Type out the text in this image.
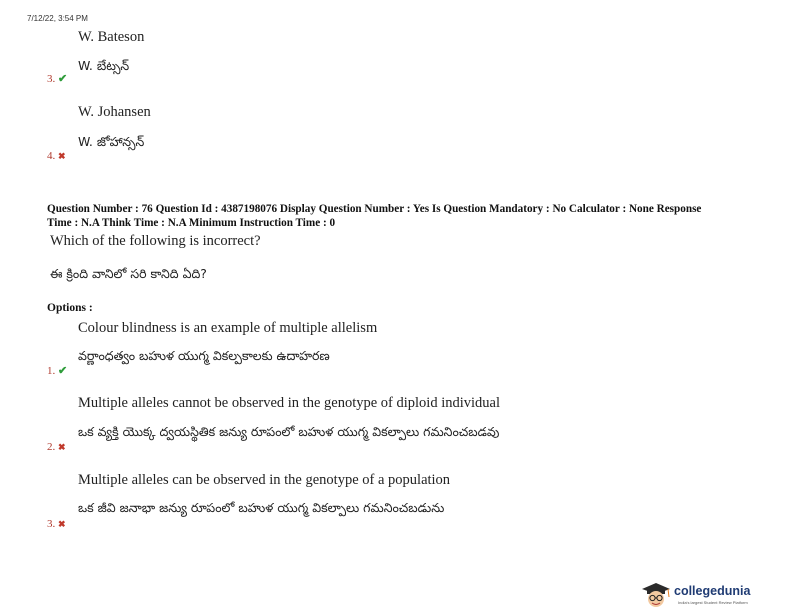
7/12/22, 3:54 PM
W. Bateson
W. బేట్సన్
3. ✔
W. Johansen
W. జోహాన్సన్
4. ✖
Question Number : 76 Question Id : 4387198076 Display Question Number : Yes Is Question Mandatory : No Calculator : None Response
Time : N.A Think Time : N.A Minimum Instruction Time : 0
Which of the following is incorrect?
ఈ క్రింది వానిలో సరి కానిది ఏది?
Options :
Colour blindness is an example of multiple allelism
వర్ణాంధత్వం బహుళ యుగ్మ వికల్పకాలకు ఉదాహరణ
1. ✔
Multiple alleles cannot be observed in the genotype of diploid individual
ఒక వ్యక్తి యొక్క ద్వయస్థితిక జన్యు రూపంలో బహుళ యుగ్మ వికల్పాలు గమనించబడవు
2. ✖
Multiple alleles can be observed in the genotype of a population
ఒక జీవి జనాభా జన్యు రూపంలో బహుళ యుగ్మ వికల్పాలు గమనించబడును
3. ✖
collegedunia
India's largest Student Review Platform
